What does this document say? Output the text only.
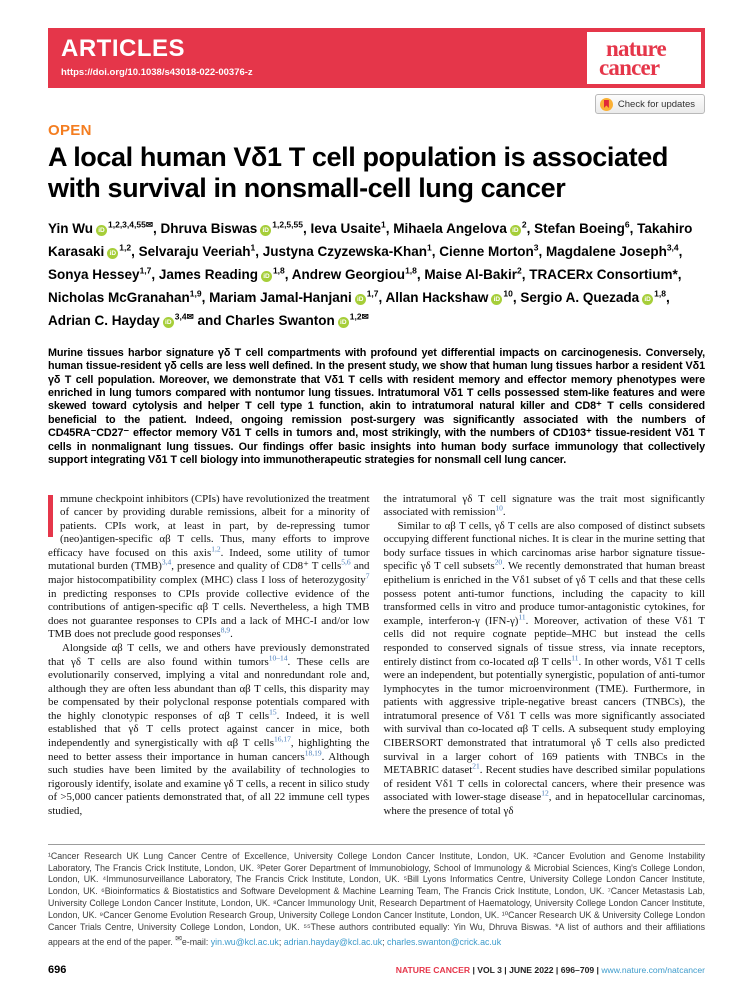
ARTICLES
https://doi.org/10.1038/s43018-022-00376-z
nature
cancer
Check for updates
OPEN
A local human Vδ1 T cell population is associated with survival in nonsmall-cell lung cancer
Yin Wu $iD^{1,2,3,4,55✉}$, Dhruva Biswas iD$^{1,2,5,55}$, Ieva Usaite$^1$, Mihaela Angelova $iD^2$, Stefan Boeing$^6$, Takahiro Karasaki iD$^{1,2}$, Selvaraju Veeriah$^1$, Justyna Czyzewska-Khan$^1$, Cienne Morton$^3$, Magdalene Joseph$^{3,4}$, Sonya Hessey$^{1,7}$, James Reading iD$^{1,8}$, Andrew Georgiou$^{1,8}$, Maise Al-Bakir$^2$, TRACERx Consortium*, Nicholas McGranahan$^{1,9}$, Mariam Jamal-Hanjani iD$^{1,7}$, Allan Hackshaw $iD^{10}$, Sergio A. Quezada iD$^{1,8}$, Adrian C. Hayday $iD^{3,4✉}$ and Charles Swanton $iD^{1,2✉}$

Murine tissues harbor signature γδ T cell compartments with profound yet differential impacts on carcinogenesis. Conversely, human tissue-resident γδ cells are less well defined. In the present study, we show that human lung tissues harbor a resident Vδ1 γδ T cell population. Moreover, we demonstrate that Vδ1 T cells with resident memory and effector memory phenotypes were enriched in lung tumors compared with nontumor lung tissues. Intratumoral Vδ1 T cells possessed stem-like features and were skewed toward cytolysis and helper T cell type 1 function, akin to intratumoral natural killer and CD8⁺ T cells considered beneficial to the patient. Indeed, ongoing remission post-surgery was significantly associated with the numbers of CD45RA⁻CD27⁻ effector memory Vδ1 T cells in tumors and, most strikingly, with the numbers of CD103⁺ tissue-resident Vδ1 T cells in nonmalignant lung tissues. Our findings offer basic insights into human body surface immunology that collectively support integrating Vδ1 T cell biology into immunotherapeutic strategies for nonsmall cell lung cancer.

mmune checkpoint inhibitors (CPIs) have revolutionized the treatment of cancer by providing durable remissions, albeit for a minority of patients. CPIs work, at least in part, by de-repressing tumor (neo)antigen-specific αβ T cells. Thus, many efforts to improve efficacy have focused on this axis$^{1,2}$. Indeed, some utility of tumor mutational burden (TMB)$^{3,4}$, presence and quality of CD8⁺ T cells$^{5,6}$ and major histocompatibility complex (MHC) class I loss of heterozygosity$^7$ in predicting responses to CPIs provide collective evidence of the contributions of antigen-specific αβ T cells. Nevertheless, a high TMB does not guarantee responses to CPIs and a lack of MHC-I and/or low TMB does not preclude good responses$^{8,9}$.

Alongside αβ T cells, we and others have previously demonstrated that γδ T cells are also found within tumors$^{10-14}$. These cells are evolutionarily conserved, implying a vital and nonredundant role and, although they are often less abundant than αβ T cells, this disparity may be compensated by their polyclonal response potentials compared with the highly clonotypic responses of αβ T cells$^{15}$. Indeed, it is well established that γδ T cells protect against cancer in mice, both independently and synergistically with αβ T cells$^{16,17}$, highlighting the need to better assess their importance in human cancers$^{18,19}$. Although such studies have been limited by the availability of technologies to rigorously identify, isolate and examine γδ T cells, a recent in silico study of >5,000 cancer patients demonstrated that, of all 22 immune cell types studied,

the intratumoral γδ T cell signature was the trait most significantly associated with remission$^{10}$.

Similar to αβ T cells, γδ T cells are also composed of distinct subsets occupying different functional niches. It is clear in the murine setting that body surface tissues in which carcinomas arise harbor signature tissue-specific γδ T cell subsets$^{20}$. We recently demonstrated that human breast epithelium is enriched in the Vδ1 subset of γδ T cells and that these cells possess potent anti-tumor functions, including the capacity to kill transformed cells in vitro and produce tumor-antagonistic cytokines, for example, interferon-γ (IFN-γ)$^{11}$. Moreover, activation of these Vδ1 T cells did not require cognate peptide–MHC but instead the cells responded to conserved signals of tissue stress, via innate receptors, entirely distinct from co-located αβ T cells$^{11}$. In other words, Vδ1 T cells were an independent, but potentially synergistic, population of anti-tumor lymphocytes in the tumor microenvironment (TME). Furthermore, in patients with aggressive triple-negative breast cancers (TNBCs), the intratumoral presence of Vδ1 T cells was more significantly associated with survival than co-located αβ T cells. A subsequent study employing CIBERSORT demonstrated that intratumoral γδ T cells also predicted survival in a larger cohort of 169 patients with TNBCs in the METABRIC dataset$^{21}$. Recent studies have described similar populations of resident Vδ1 T cells in colorectal cancers, where their presence was associated with lower-stage disease$^{12}$, and in hepatocellular carcinomas, where the presence of total γδ

¹Cancer Research UK Lung Cancer Centre of Excellence, University College London Cancer Institute, London, UK. ²Cancer Evolution and Genome Instability Laboratory, The Francis Crick Institute, London, UK. ³Peter Gorer Department of Immunobiology, School of Immunology & Microbial Sciences, King's College London, London, UK. ⁴Immunosurveillance Laboratory, The Francis Crick Institute, London, UK. ⁵Bill Lyons Informatics Centre, University College London Cancer Institute, London, UK. ⁶Bioinformatics & Biostatistics and Software Development & Machine Learning Team, The Francis Crick Institute, London, UK. ⁷Cancer Metastasis Lab, University College London Cancer Institute, London, UK. ⁸Cancer Immunology Unit, Research Department of Haematology, University College London Cancer Institute, London, UK. ⁹Cancer Genome Evolution Research Group, University College London Cancer Institute, London, UK. ¹⁰Cancer Research UK & University College London Cancer Trials Centre, University College London, London, UK. ⁵⁵These authors contributed equally: Yin Wu, Dhruva Biswas. *A list of authors and their affiliations appears at the end of the paper. ✉e-mail: yin.wu@kcl.ac.uk; adrian.hayday@kcl.ac.uk; charles.swanton@crick.ac.uk
696	NATURE CANCER | VOL 3 | JUNE 2022 | 696–709 | www.nature.com/natcancer
